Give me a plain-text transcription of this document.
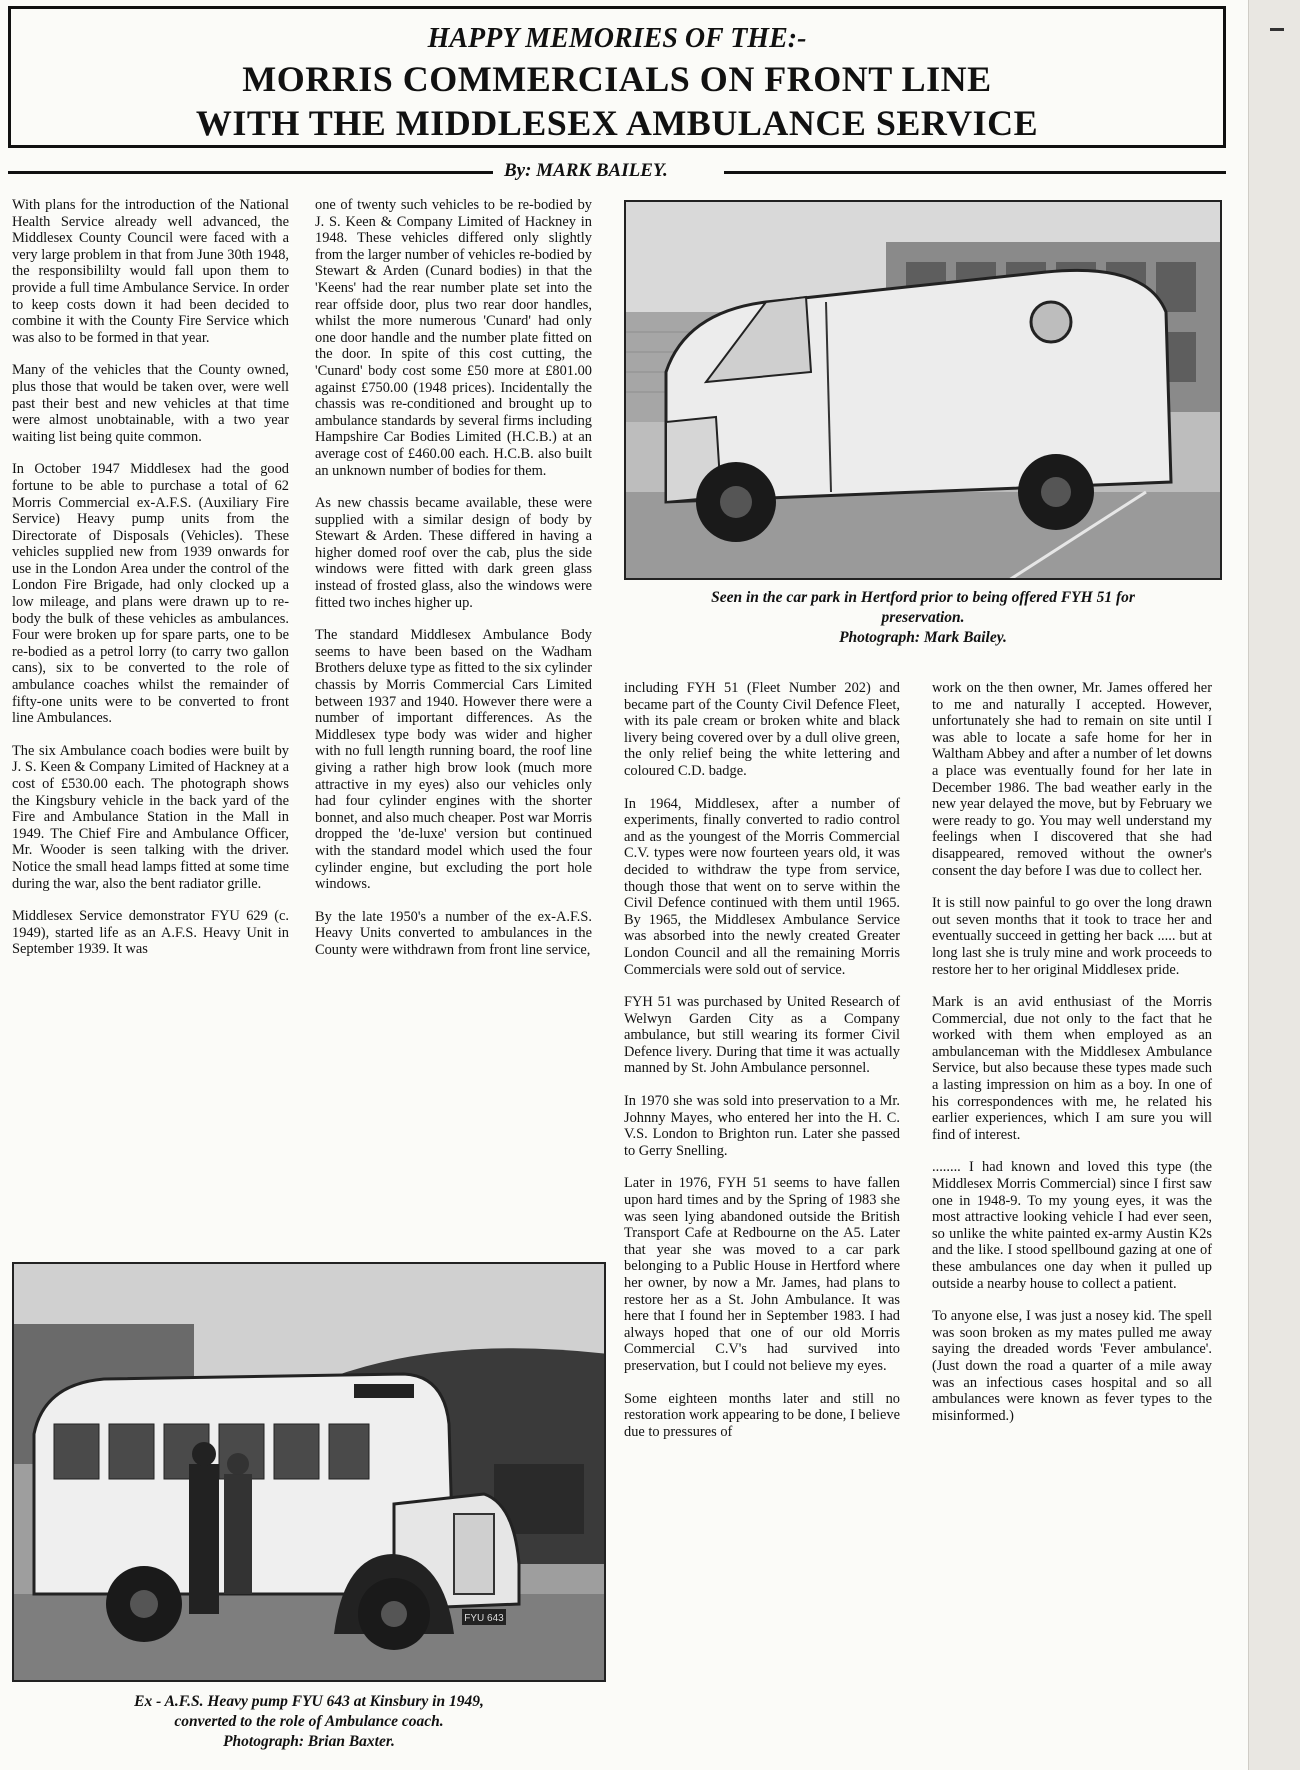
HAPPY MEMORIES OF THE:-
MORRIS COMMERCIALS ON FRONT LINE
WITH THE MIDDLESEX AMBULANCE SERVICE
By: MARK BAILEY.

With plans for the introduction of the National Health Service already well advanced, the Middlesex County Council were faced with a very large problem in that from June 30th 1948, the responsibililty would fall upon them to provide a full time Ambulance Service. In order to keep costs down it had been decided to combine it with the County Fire Service which was also to be formed in that year.

Many of the vehicles that the County owned, plus those that would be taken over, were well past their best and new vehicles at that time were almost unobtainable, with a two year waiting list being quite common.

In October 1947 Middlesex had the good fortune to be able to purchase a total of 62 Morris Commercial ex-A.F.S. (Auxiliary Fire Service) Heavy pump units from the Directorate of Disposals (Vehicles). These vehicles supplied new from 1939 onwards for use in the London Area under the control of the London Fire Brigade, had only clocked up a low mileage, and plans were drawn up to re-body the bulk of these vehicles as ambulances. Four were broken up for spare parts, one to be re-bodied as a petrol lorry (to carry two gallon cans), six to be converted to the role of ambulance coaches whilst the remainder of fifty-one units were to be converted to front line Ambulances.

The six Ambulance coach bodies were built by J. S. Keen & Company Limited of Hackney at a cost of £530.00 each. The photograph shows the Kingsbury vehicle in the back yard of the Fire and Ambulance Station in the Mall in 1949. The Chief Fire and Ambulance Officer, Mr. Wooder is seen talking with the driver. Notice the small head lamps fitted at some time during the war, also the bent radiator grille.

Middlesex Service demonstrator FYU 629 (c. 1949), started life as an A.F.S. Heavy Unit in September 1939. It was

one of twenty such vehicles to be re-bodied by J. S. Keen & Company Limited of Hackney in 1948. These vehicles differed only slightly from the larger number of vehicles re-bodied by Stewart & Arden (Cunard bodies) in that the 'Keens' had the rear number plate set into the rear offside door, plus two rear door handles, whilst the more numerous 'Cunard' had only one door handle and the number plate fitted on the door. In spite of this cost cutting, the 'Cunard' body cost some £50 more at £801.00 against £750.00 (1948 prices). Incidentally the chassis was re-conditioned and brought up to ambulance standards by several firms including Hampshire Car Bodies Limited (H.C.B.) at an average cost of £460.00 each. H.C.B. also built an unknown number of bodies for them.

As new chassis became available, these were supplied with a similar design of body by Stewart & Arden. These differed in having a higher domed roof over the cab, plus the side windows were fitted with dark green glass instead of frosted glass, also the windows were fitted two inches higher up.

The standard Middlesex Ambulance Body seems to have been based on the Wadham Brothers deluxe type as fitted to the six cylinder chassis by Morris Commercial Cars Limited between 1937 and 1940. However there were a number of important differences. As the Middlesex type body was wider and higher with no full length running board, the roof line giving a rather high brow look (much more attractive in my eyes) also our vehicles only had four cylinder engines with the shorter bonnet, and also much cheaper. Post war Morris dropped the 'de-luxe' version but continued with the standard model which used the four cylinder engine, but excluding the port hole windows.

By the late 1950's a number of the ex-A.F.S. Heavy Units converted to ambulances in the County were withdrawn from front line service,

Seen in the car park in Hertford prior to being offered FYH 51 for
preservation.
Photograph: Mark Bailey.

including FYH 51 (Fleet Number 202) and became part of the County Civil Defence Fleet, with its pale cream or broken white and black livery being covered over by a dull olive green, the only relief being the white lettering and coloured C.D. badge.

In 1964, Middlesex, after a number of experiments, finally converted to radio control and as the youngest of the Morris Commercial C.V. types were now fourteen years old, it was decided to withdraw the type from service, though those that went on to serve within the Civil Defence continued with them until 1965. By 1965, the Middlesex Ambulance Service was absorbed into the newly created Greater London Council and all the remaining Morris Commercials were sold out of service.

FYH 51 was purchased by United Research of Welwyn Garden City as a Company ambulance, but still wearing its former Civil Defence livery. During that time it was actually manned by St. John Ambulance personnel.

In 1970 she was sold into preservation to a Mr. Johnny Mayes, who entered her into the H. C. V.S. London to Brighton run. Later she passed to Gerry Snelling.

Later in 1976, FYH 51 seems to have fallen upon hard times and by the Spring of 1983 she was seen lying abandoned outside the British Transport Cafe at Redbourne on the A5. Later that year she was moved to a car park belonging to a Public House in Hertford where her owner, by now a Mr. James, had plans to restore her as a St. John Ambulance. It was here that I found her in September 1983. I had always hoped that one of our old Morris Commercial C.V's had survived into preservation, but I could not believe my eyes.

Some eighteen months later and still no restoration work appearing to be done, I believe due to pressures of

work on the then owner, Mr. James offered her to me and naturally I accepted. However, unfortunately she had to remain on site until I was able to locate a safe home for her in Waltham Abbey and after a number of let downs a place was eventually found for her late in December 1986. The bad weather early in the new year delayed the move, but by February we were ready to go. You may well understand my feelings when I discovered that she had disappeared, removed without the owner's consent the day before I was due to collect her.

It is still now painful to go over the long drawn out seven months that it took to trace her and eventually succeed in getting her back ..... but at long last she is truly mine and work proceeds to restore her to her original Middlesex pride.

Mark is an avid enthusiast of the Morris Commercial, due not only to the fact that he worked with them when employed as an ambulanceman with the Middlesex Ambulance Service, but also because these types made such a lasting impression on him as a boy. In one of his correspondences with me, he related his earlier experiences, which I am sure you will find of interest.

........ I had known and loved this type (the Middlesex Morris Commercial) since I first saw one in 1948-9. To my young eyes, it was the most attractive looking vehicle I had ever seen, so unlike the white painted ex-army Austin K2s and the like. I stood spellbound gazing at one of these ambulances one day when it pulled up outside a nearby house to collect a patient.

To anyone else, I was just a nosey kid. The spell was soon broken as my mates pulled me away saying the dreaded words 'Fever ambulance'. (Just down the road a quarter of a mile away was an infectious cases hospital and so all ambulances were known as fever types to the misinformed.)

FYU 643
Ex - A.F.S. Heavy pump FYU 643 at Kinsbury in 1949,
converted to the role of Ambulance coach.
Photograph: Brian Baxter.
